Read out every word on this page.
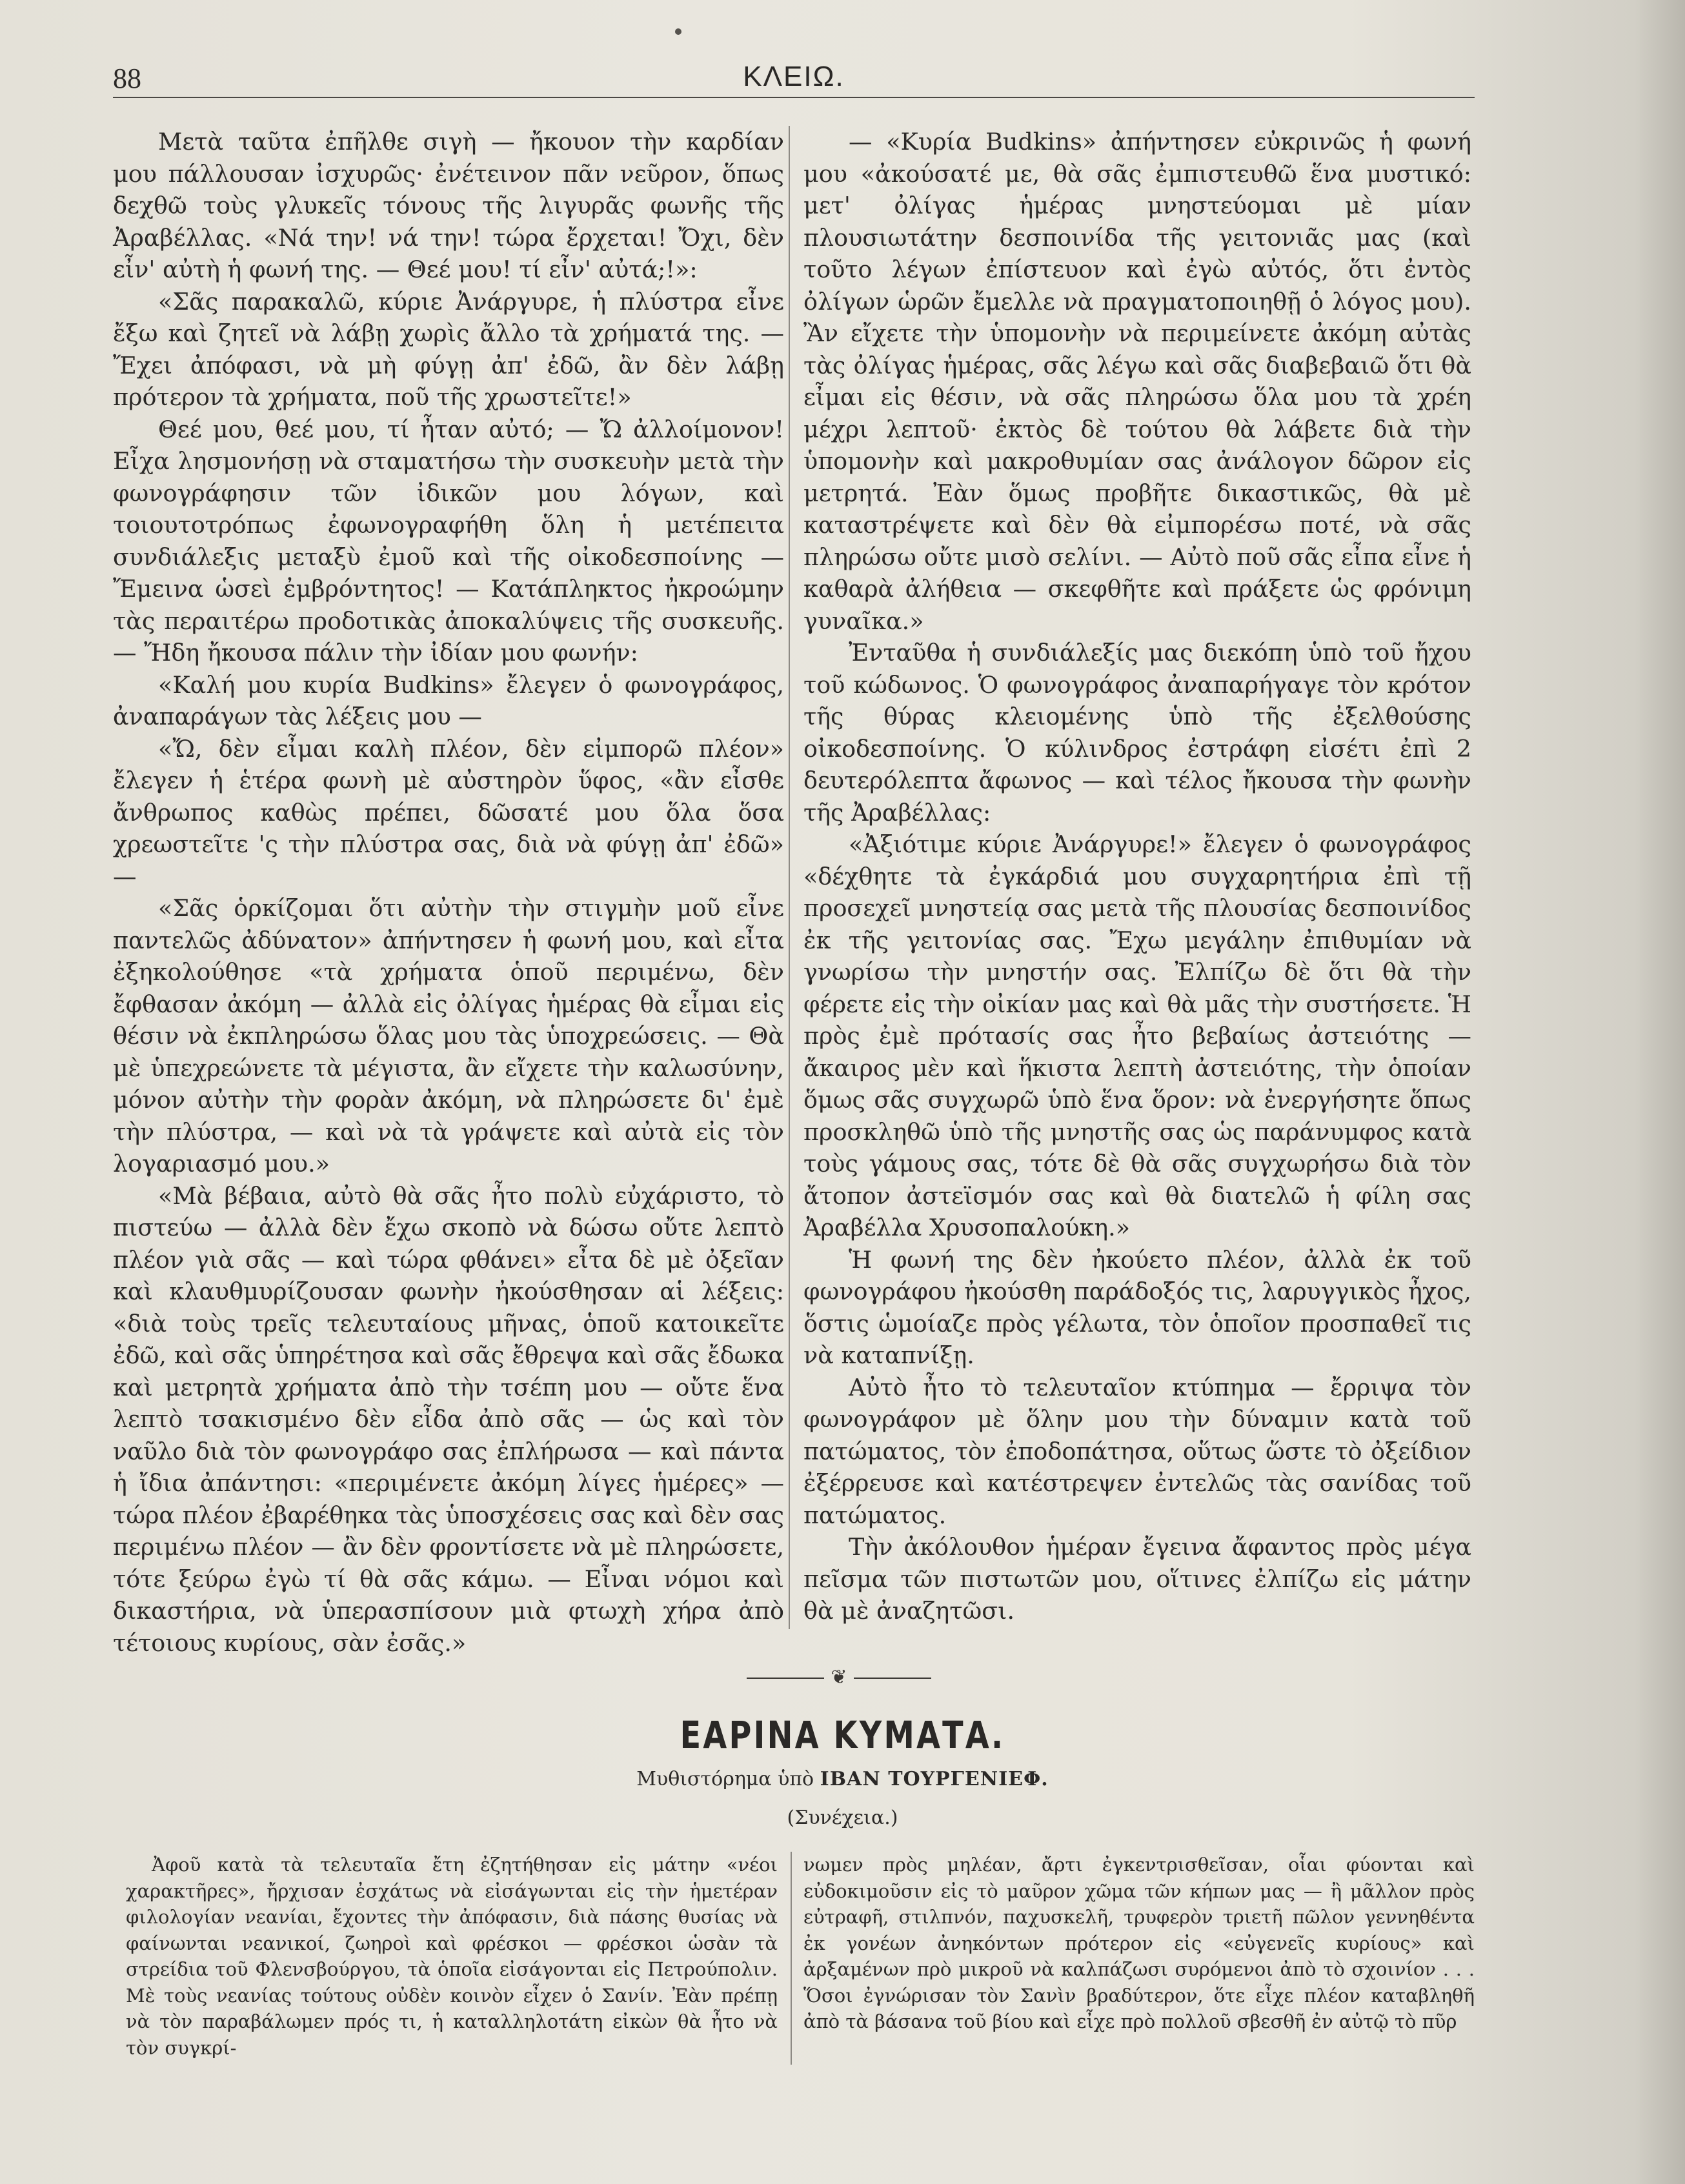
88	ΚΛΕΙΩ.

Μετὰ ταῦτα ἐπῆλθε σιγὴ — ἤκουον τὴν καρδίαν μου πάλλουσαν ἰσχυρῶς· ἐνέτεινον πᾶν νεῦρον, ὅπως δεχθῶ τοὺς γλυκεῖς τόνους τῆς λιγυρᾶς φωνῆς τῆς Ἀραβέλλας. «Νά την! νά την! τώρα ἔρχεται! Ὄχι, δὲν εἶν' αὐτὴ ἡ φωνή της. — Θεέ μου! τί εἶν' αὐτά;!»:

«Σᾶς παρακαλῶ, κύριε Ἀνάργυρε, ἡ πλύστρα εἶνε ἔξω καὶ ζητεῖ νὰ λάβῃ χωρὶς ἄλλο τὰ χρήματά της. — Ἔχει ἀπόφασι, νὰ μὴ φύγῃ ἀπ' ἐδῶ, ἂν δὲν λάβῃ πρότερον τὰ χρήματα, ποῦ τῆς χρωστεῖτε!»

Θεέ μου, θεέ μου, τί ἦταν αὐτό; — Ὤ ἀλλοίμονον! Εἶχα λησμονήσῃ νὰ σταματήσω τὴν συσκευὴν μετὰ τὴν φωνογράφησιν τῶν ἰδικῶν μου λόγων, καὶ τοιουτοτρόπως ἐφωνογραφήθη ὅλη ἡ μετέπειτα συνδιάλεξις μεταξὺ ἐμοῦ καὶ τῆς οἰκοδεσποίνης — Ἔμεινα ὡσεὶ ἐμβρόντητος! — Κατάπληκτος ἠκροώμην τὰς περαιτέρω προδοτικὰς ἀποκαλύψεις τῆς συσκευῆς. — Ἤδη ἤκουσα πάλιν τὴν ἰδίαν μου φωνήν:

«Καλή μου κυρία Budkins» ἔλεγεν ὁ φωνογράφος, ἀναπαράγων τὰς λέξεις μου —

«Ὤ, δὲν εἶμαι καλὴ πλέον, δὲν εἰμπορῶ πλέον» ἔλεγεν ἡ ἑτέρα φωνὴ μὲ αὐστηρὸν ὕφος, «ἂν εἶσθε ἄνθρωπος καθὼς πρέπει, δῶσατέ μου ὅλα ὅσα χρεωστεῖτε 'ς τὴν πλύστρα σας, διὰ νὰ φύγῃ ἀπ' ἐδῶ» —

«Σᾶς ὁρκίζομαι ὅτι αὐτὴν τὴν στιγμὴν μοῦ εἶνε παντελῶς ἀδύνατον» ἀπήντησεν ἡ φωνή μου, καὶ εἶτα ἐξηκολούθησε «τὰ χρήματα ὁποῦ περιμένω, δὲν ἔφθασαν ἀκόμη — ἀλλὰ εἰς ὀλίγας ἡμέρας θὰ εἶμαι εἰς θέσιν νὰ ἐκπληρώσω ὅλας μου τὰς ὑποχρεώσεις. — Θὰ μὲ ὑπεχρεώνετε τὰ μέγιστα, ἂν εἴχετε τὴν καλωσύνην, μόνον αὐτὴν τὴν φορὰν ἀκόμη, νὰ πληρώσετε δι' ἐμὲ τὴν πλύστρα, — καὶ νὰ τὰ γράψετε καὶ αὐτὰ εἰς τὸν λογαριασμό μου.»

«Μὰ βέβαια, αὐτὸ θὰ σᾶς ἦτο πολὺ εὐχάριστο, τὸ πιστεύω — ἀλλὰ δὲν ἔχω σκοπὸ νὰ δώσω οὔτε λεπτὸ πλέον γιὰ σᾶς — καὶ τώρα φθάνει» εἶτα δὲ μὲ ὀξεῖαν καὶ κλαυθμυρίζουσαν φωνὴν ἠκούσθησαν αἱ λέξεις: «διὰ τοὺς τρεῖς τελευταίους μῆνας, ὁποῦ κατοικεῖτε ἐδῶ, καὶ σᾶς ὑπηρέτησα καὶ σᾶς ἔθρεψα καὶ σᾶς ἔδωκα καὶ μετρητὰ χρήματα ἀπὸ τὴν τσέπη μου — οὔτε ἕνα λεπτὸ τσακισμένο δὲν εἶδα ἀπὸ σᾶς — ὡς καὶ τὸν ναῦλο διὰ τὸν φωνογράφο σας ἐπλήρωσα — καὶ πάντα ἡ ἴδια ἀπάντησι: «περιμένετε ἀκόμη λίγες ἡμέρες» — τώρα πλέον ἐβαρέθηκα τὰς ὑποσχέσεις σας καὶ δὲν σας περιμένω πλέον — ἂν δὲν φροντίσετε νὰ μὲ πληρώσετε, τότε ξεύρω ἐγὼ τί θὰ σᾶς κάμω. — Εἶναι νόμοι καὶ δικαστήρια, νὰ ὑπερασπίσουν μιὰ φτωχὴ χήρα ἀπὸ τέτοιους κυρίους, σὰν ἐσᾶς.»

— «Κυρία Budkins» ἀπήντησεν εὐκρινῶς ἡ φωνή μου «ἀκούσατέ με, θὰ σᾶς ἐμπιστευθῶ ἕνα μυστικό: μετ' ὀλίγας ἡμέρας μνηστεύομαι μὲ μίαν πλουσιωτάτην δεσποινίδα τῆς γειτονιᾶς μας (καὶ τοῦτο λέγων ἐπίστευον καὶ ἐγὼ αὐτός, ὅτι ἐντὸς ὀλίγων ὡρῶν ἔμελλε νὰ πραγματοποιηθῇ ὁ λόγος μου). Ἂν εἴχετε τὴν ὑπομονὴν νὰ περιμείνετε ἀκόμη αὐτὰς τὰς ὀλίγας ἡμέρας, σᾶς λέγω καὶ σᾶς διαβεβαιῶ ὅτι θὰ εἶμαι εἰς θέσιν, νὰ σᾶς πληρώσω ὅλα μου τὰ χρέη μέχρι λεπτοῦ· ἐκτὸς δὲ τούτου θὰ λάβετε διὰ τὴν ὑπομονὴν καὶ μακροθυμίαν σας ἀνάλογον δῶρον εἰς μετρητά. Ἐὰν ὅμως προβῆτε δικαστικῶς, θὰ μὲ καταστρέψετε καὶ δὲν θὰ εἰμπορέσω ποτέ, νὰ σᾶς πληρώσω οὔτε μισὸ σελίνι. — Αὐτὸ ποῦ σᾶς εἶπα εἶνε ἡ καθαρὰ ἀλήθεια — σκεφθῆτε καὶ πράξετε ὡς φρόνιμη γυναῖκα.»

Ἐνταῦθα ἡ συνδιάλεξίς μας διεκόπη ὑπὸ τοῦ ἤχου τοῦ κώδωνος. Ὁ φωνογράφος ἀναπαρήγαγε τὸν κρότον τῆς θύρας κλειομένης ὑπὸ τῆς ἐξελθούσης οἰκοδεσποίνης. Ὁ κύλινδρος ἐστράφη εἰσέτι ἐπὶ 2 δευτερόλεπτα ἄφωνος — καὶ τέλος ἤκουσα τὴν φωνὴν τῆς Ἀραβέλλας:

«Ἀξιότιμε κύριε Ἀνάργυρε!» ἔλεγεν ὁ φωνογράφος «δέχθητε τὰ ἐγκάρδιά μου συγχαρητήρια ἐπὶ τῇ προσεχεῖ μνηστείᾳ σας μετὰ τῆς πλουσίας δεσποινίδος ἐκ τῆς γειτονίας σας. Ἔχω μεγάλην ἐπιθυμίαν νὰ γνωρίσω τὴν μνηστήν σας. Ἐλπίζω δὲ ὅτι θὰ τὴν φέρετε εἰς τὴν οἰκίαν μας καὶ θὰ μᾶς τὴν συστήσετε. Ἡ πρὸς ἐμὲ πρότασίς σας ἦτο βεβαίως ἀστειότης — ἄκαιρος μὲν καὶ ἥκιστα λεπτὴ ἀστειότης, τὴν ὁποίαν ὅμως σᾶς συγχωρῶ ὑπὸ ἕνα ὅρον: νὰ ἐνεργήσητε ὅπως προσκληθῶ ὑπὸ τῆς μνηστῆς σας ὡς παράνυμφος κατὰ τοὺς γάμους σας, τότε δὲ θὰ σᾶς συγχωρήσω διὰ τὸν ἄτοπον ἀστεϊσμόν σας καὶ θὰ διατελῶ ἡ φίλη σας Ἀραβέλλα Χρυσοπαλούκη.»

Ἡ φωνή της δὲν ἠκούετο πλέον, ἀλλὰ ἐκ τοῦ φωνογράφου ἠκούσθη παράδοξός τις, λαρυγγικὸς ἦχος, ὅστις ὡμοίαζε πρὸς γέλωτα, τὸν ὁποῖον προσπαθεῖ τις νὰ καταπνίξῃ.

Αὐτὸ ἦτο τὸ τελευταῖον κτύπημα — ἔρριψα τὸν φωνογράφον μὲ ὅλην μου τὴν δύναμιν κατὰ τοῦ πατώματος, τὸν ἐποδοπάτησα, οὕτως ὥστε τὸ ὀξείδιον ἐξέρρευσε καὶ κατέστρεψεν ἐντελῶς τὰς σανίδας τοῦ πατώματος.

Τὴν ἀκόλουθον ἡμέραν ἔγεινα ἄφαντος πρὸς μέγα πεῖσμα τῶν πιστωτῶν μου, οἵτινες ἐλπίζω εἰς μάτην θὰ μὲ ἀναζητῶσι.

❦
ΕΑΡΙΝΑ ΚΥΜΑΤΑ.
Μυθιστόρημα ὑπὸ ΙΒΑΝ ΤΟΥΡΓΕΝΙΕΦ.
(Συνέχεια.)

Ἀφοῦ κατὰ τὰ τελευταῖα ἔτη ἐζητήθησαν εἰς μάτην «νέοι χαρακτῆρες», ἤρχισαν ἐσχάτως νὰ εἰσάγωνται εἰς τὴν ἡμετέραν φιλολογίαν νεανίαι, ἔχοντες τὴν ἀπόφασιν, διὰ πάσης θυσίας νὰ φαίνωνται νεανικοί, ζωηροὶ καὶ φρέσκοι — φρέσκοι ὡσὰν τὰ στρείδια τοῦ Φλενσβούργου, τὰ ὁποῖα εἰσάγονται εἰς Πετρούπολιν. Μὲ τοὺς νεανίας τούτους οὐδὲν κοινὸν εἶχεν ὁ Σανίν. Ἐὰν πρέπῃ νὰ τὸν παραβάλωμεν πρός τι, ἡ καταλληλοτάτη εἰκὼν θὰ ἦτο νὰ τὸν συγκρί-

νωμεν πρὸς μηλέαν, ἄρτι ἐγκεντρισθεῖσαν, οἷαι φύονται καὶ εὐδοκιμοῦσιν εἰς τὸ μαῦρον χῶμα τῶν κήπων μας — ἢ μᾶλλον πρὸς εὐτραφῆ, στιλπνόν, παχυσκελῆ, τρυφερὸν τριετῆ πῶλον γεννηθέντα ἐκ γονέων ἀνηκόντων πρότερον εἰς «εὐγενεῖς κυρίους» καὶ ἀρξαμένων πρὸ μικροῦ νὰ καλπάζωσι συρόμενοι ἀπὸ τὸ σχοινίον . . . Ὅσοι ἐγνώρισαν τὸν Σανὶν βραδύτερον, ὅτε εἶχε πλέον καταβληθῆ ἀπὸ τὰ βάσανα τοῦ βίου καὶ εἶχε πρὸ πολλοῦ σβεσθῆ ἐν αὐτῷ τὸ πῦρ
